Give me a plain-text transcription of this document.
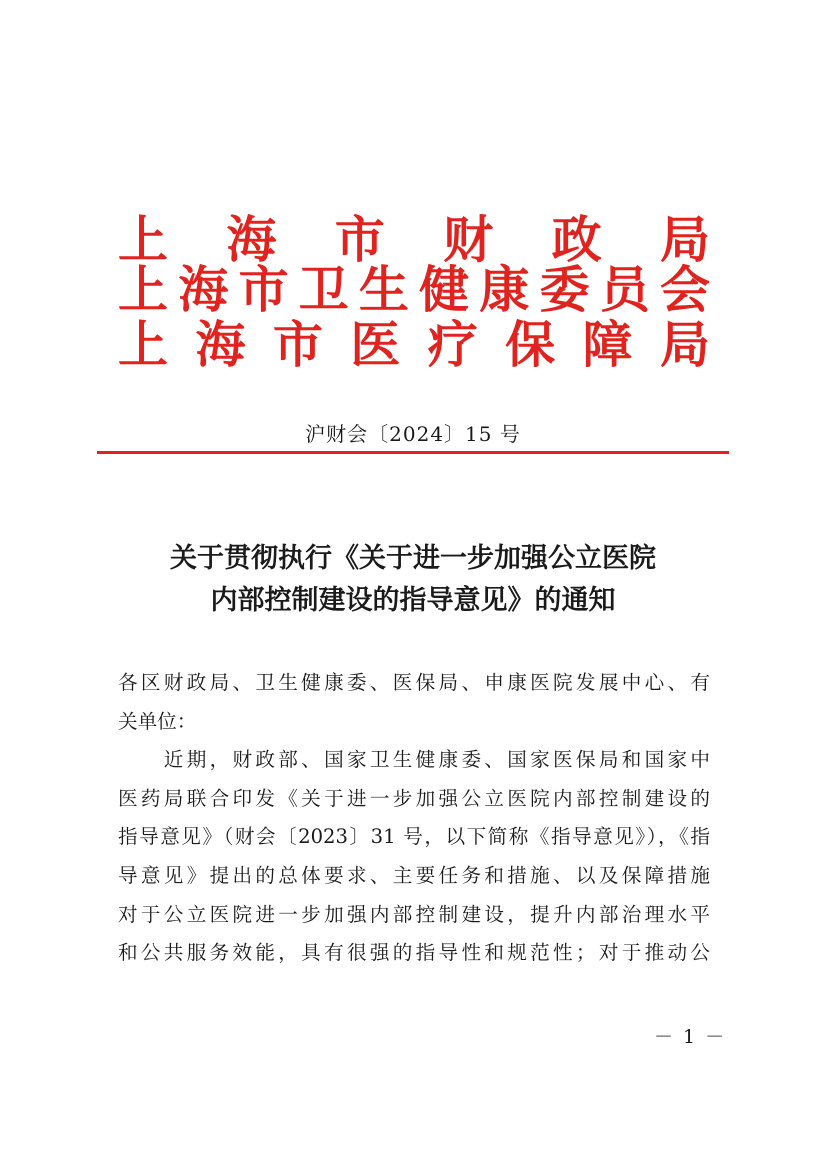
上 海 市 财 政 局
上 海 市 卫 生 健 康 委 员 会
上 海 市 医 疗 保 障 局
沪财会〔2024〕15 号
关于贯彻执行《关于进一步加强公立医院
内部控制建设的指导意见》的通知
各区财政局、卫生健康委、医保局、申康医院发展中心、有
关单位：
　　近期，财政部、国家卫生健康委、国家医保局和国家中
医药局联合印发《关于进一步加强公立医院内部控制建设的
指导意见》（财会〔2023〕31 号，以下简称《指导意见》），《指
导意见》提出的总体要求、主要任务和措施、以及保障措施
对于公立医院进一步加强内部控制建设，提升内部治理水平
和公共服务效能，具有很强的指导性和规范性；对于推动公
－ 1 －
